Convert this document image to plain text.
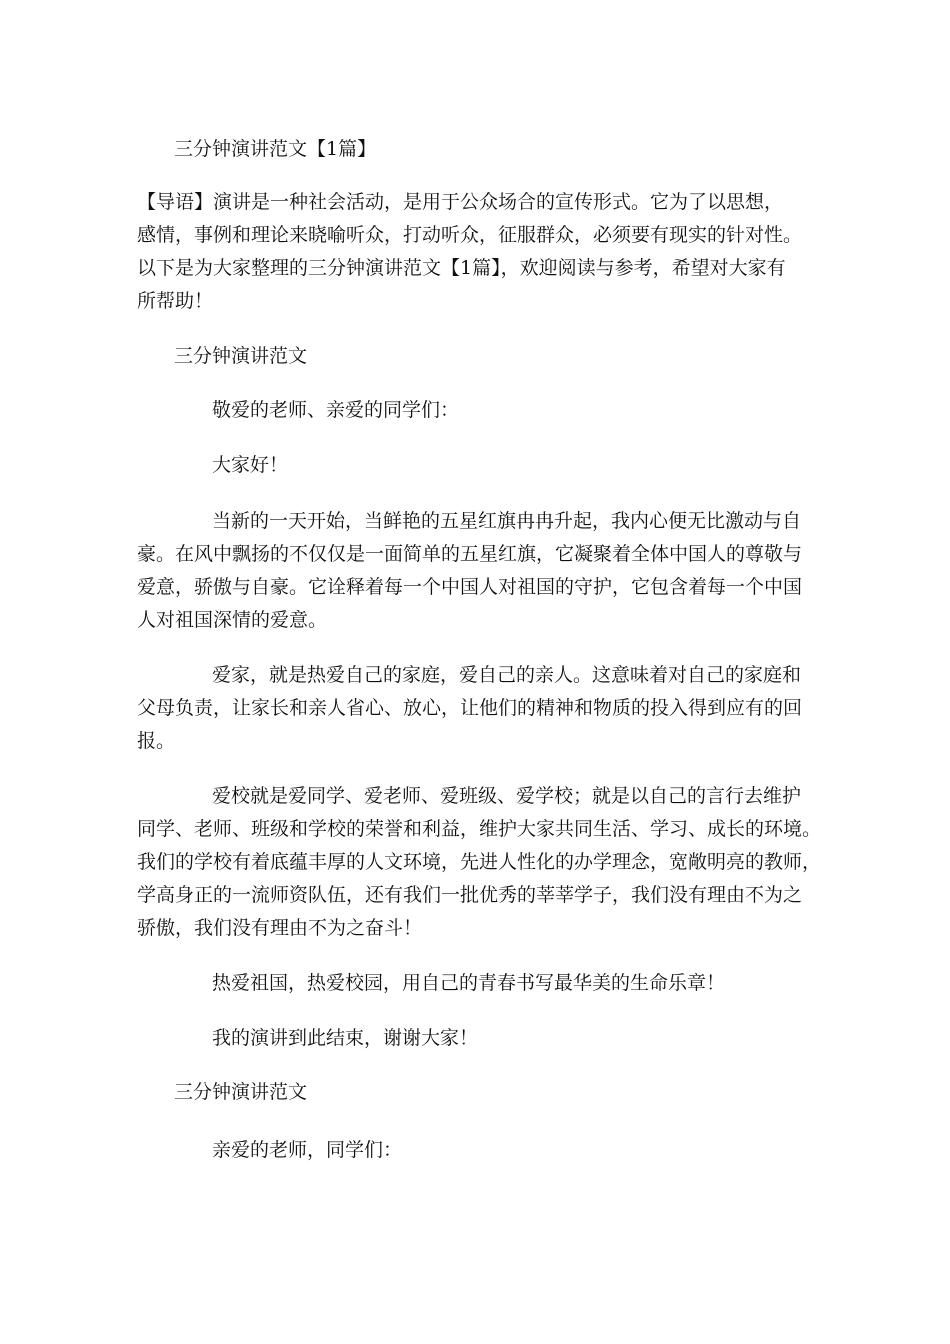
三分钟演讲范文【1篇】
【导语】演讲是一种社会活动，是用于公众场合的宣传形式。它为了以思想，
感情，事例和理论来晓喻听众，打动听众，征服群众，必须要有现实的针对性。
以下是为大家整理的三分钟演讲范文【1篇】，欢迎阅读与参考，希望对大家有
所帮助！
三分钟演讲范文
敬爱的老师、亲爱的同学们：
大家好！
当新的一天开始，当鲜艳的五星红旗冉冉升起，我内心便无比激动与自
豪。在风中飘扬的不仅仅是一面简单的五星红旗，它凝聚着全体中国人的尊敬与
爱意，骄傲与自豪。它诠释着每一个中国人对祖国的守护，它包含着每一个中国
人对祖国深情的爱意。
爱家，就是热爱自己的家庭，爱自己的亲人。这意味着对自己的家庭和
父母负责，让家长和亲人省心、放心，让他们的精神和物质的投入得到应有的回
报。
爱校就是爱同学、爱老师、爱班级、爱学校；就是以自己的言行去维护
同学、老师、班级和学校的荣誉和利益，维护大家共同生活、学习、成长的环境。
我们的学校有着底蕴丰厚的人文环境，先进人性化的办学理念，宽敞明亮的教师，
学高身正的一流师资队伍，还有我们一批优秀的莘莘学子，我们没有理由不为之
骄傲，我们没有理由不为之奋斗！
热爱祖国，热爱校园，用自己的青春书写最华美的生命乐章！
我的演讲到此结束，谢谢大家！
三分钟演讲范文
亲爱的老师，同学们：
